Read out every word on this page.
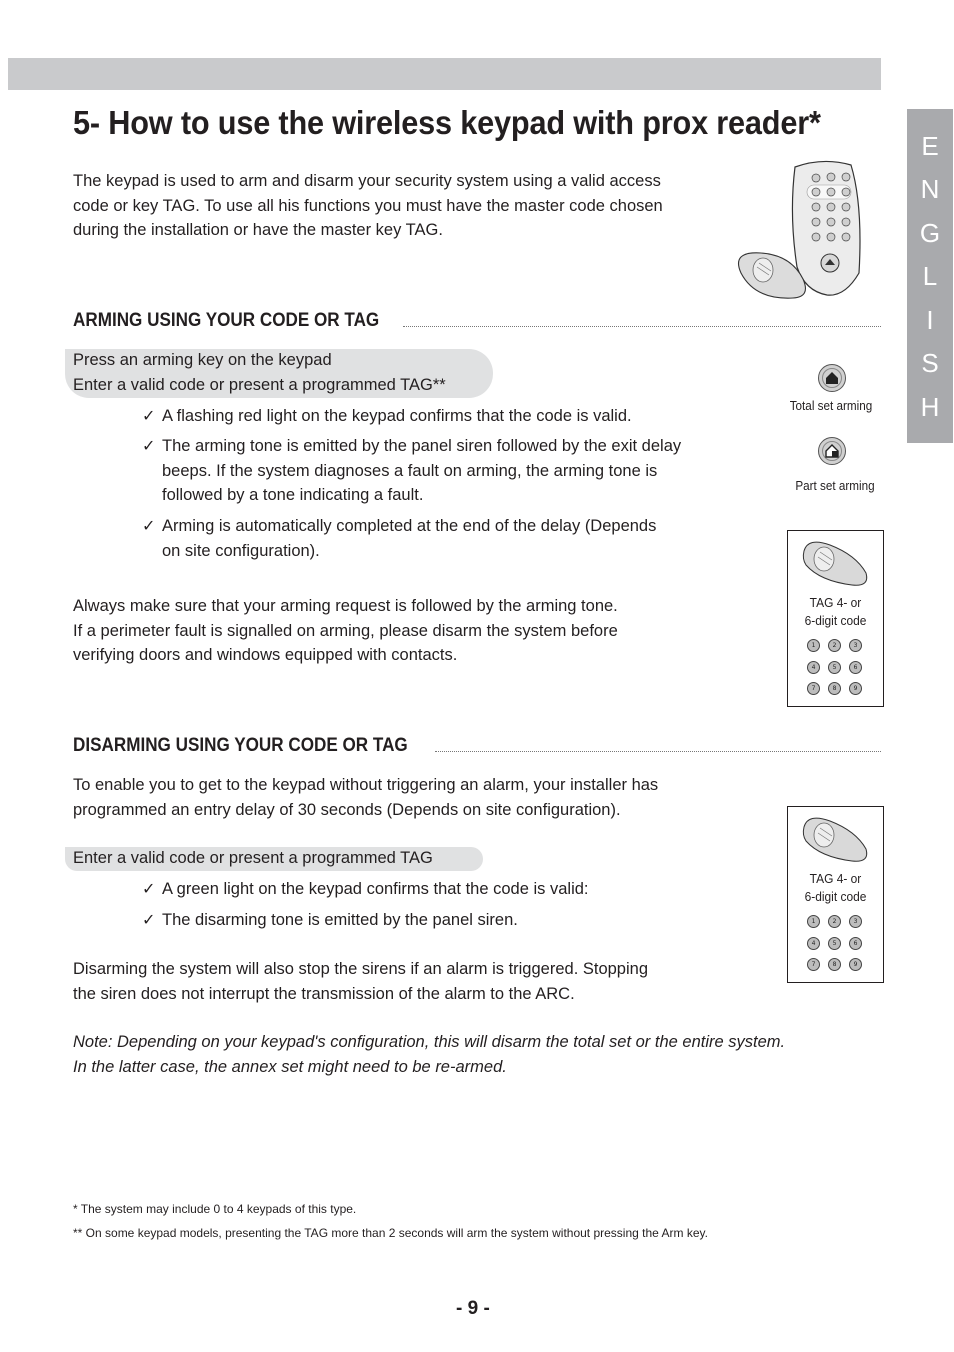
E
N
G
L
I
S
H
5- How to use the wireless keypad with prox reader*
The keypad is used to arm and disarm your security system using a valid access
code or key TAG. To use all his functions you must have the master code chosen
during the installation or have the master key TAG.
ARMING USING YOUR CODE OR TAG
Press an arming key on the keypad
Enter a valid code or present a programmed TAG**
✓ A flashing red light on the keypad confirms that the code is valid.
✓ The arming tone is emitted by the panel siren followed by the exit delay
beeps. If the system diagnoses a fault on arming, the arming tone is
followed by a tone indicating a fault.
✓ Arming is automatically completed at the end of the delay (Depends
on site configuration).
Always make sure that your arming request is followed by the arming tone.
If a perimeter fault is signalled on arming, please disarm the system before
verifying doors and windows equipped with contacts.
Total set arming
Part set arming
TAG 4- or
6-digit code
1	2	3
4	5	6
7	8	9
DISARMING USING YOUR CODE OR TAG
To enable you to get to the keypad without triggering an alarm, your installer has
programmed an entry delay of 30 seconds (Depends on site configuration).
Enter a valid code or present a programmed TAG
✓ A green light on the keypad confirms that the code is valid:
✓ The disarming tone is emitted by the panel siren.
Disarming the system will also stop the sirens if an alarm is triggered. Stopping
the siren does not interrupt the transmission of the alarm to the ARC.
TAG 4- or
6-digit code
1	2	3
4	5	6
7	8	9
Note: Depending on your keypad's configuration, this will disarm the total set or the entire system.
In the latter case, the annex set might need to be re-armed.
* The system may include 0 to 4 keypads of this type.
** On some keypad models, presenting the TAG more than 2 seconds will arm the system without pressing the Arm key.
- 9 -
